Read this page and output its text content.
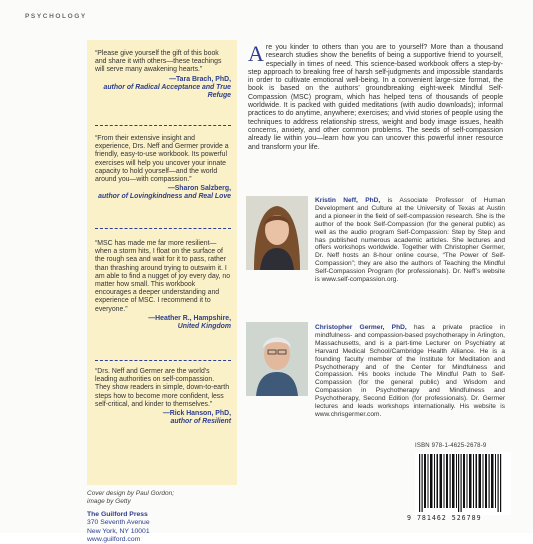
PSYCHOLOGY
“Please give yourself the gift of this book and share it with others—these teachings will serve many awakening hearts.”
—Tara Brach, PhD,
author of Radical Acceptance and True Refuge
“From their extensive insight and experience, Drs. Neff and Germer provide a friendly, easy-to-use workbook. Its powerful exercises will help you uncover your innate capacity to hold yourself—and the world around you—with compassion.”
—Sharon Salzberg,
author of Lovingkindness and Real Love
“MSC has made me far more resilient—when a storm hits, I float on the surface of the rough sea and wait for it to pass, rather than thrashing around trying to outswim it. I am able to find a nugget of joy every day, no matter how small. This workbook encourages a deeper understanding and experience of MSC. I recommend it to everyone.”
—Heather R., Hampshire,
United Kingdom
“Drs. Neff and Germer are the world’s leading authorities on self-compassion. They show readers in simple, down-to-earth steps how to become more confident, less self-critical, and kinder to themselves.”
—Rick Hanson, PhD,
author of Resilient
Cover design by Paul Gordon;
image by Getty
The Guilford Press
370 Seventh Avenue
New York, NY 10001
www.guilford.com
A re you kinder to others than you are to yourself? More than a thousand research studies show the benefits of being a supportive friend to yourself, especially in times of need. This science-based workbook offers a step-by-step approach to breaking free of harsh self-judgments and impossible standards in order to cultivate emotional well-being. In a convenient large-size format, the book is based on the authors’ groundbreaking eight-week Mindful Self-Compassion (MSC) program, which has helped tens of thousands of people worldwide. It is packed with guided meditations (with audio downloads); informal practices to do anytime, anywhere; exercises; and vivid stories of people using the techniques to address relationship stress, weight and body image issues, health concerns, anxiety, and other common problems. The seeds of self-compassion already lie within you—learn how you can uncover this powerful inner resource and transform your life.
Kristin Neff, PhD, is Associate Professor of Human Development and Culture at the University of Texas at Austin and a pioneer in the field of self-compassion research. She is the author of the book Self-Compassion (for the general public) as well as the audio program Self-Compassion: Step by Step and has published numerous academic articles. She lectures and offers workshops worldwide. Together with Christopher Germer, Dr. Neff hosts an 8-hour online course, “The Power of Self-Compassion”; they are also the authors of Teaching the Mindful Self-Compassion Program (for professionals). Dr. Neff’s website is www.self-compassion.org.
Christopher Germer, PhD, has a private practice in mindfulness- and compassion-based psychotherapy in Arlington, Massachusetts, and is a part-time Lecturer on Psychiatry at Harvard Medical School/Cambridge Health Alliance. He is a founding faculty member of the Institute for Meditation and Psychotherapy and of the Center for Mindfulness and Compassion. His books include The Mindful Path to Self-Compassion (for the general public) and Wisdom and Compassion in Psychotherapy and Mindfulness and Psychotherapy, Second Edition (for professionals). Dr. Germer lectures and leads workshops internationally. His website is www.chrisgermer.com.
ISBN 978-1-4625-2678-9
9 781462 526789
